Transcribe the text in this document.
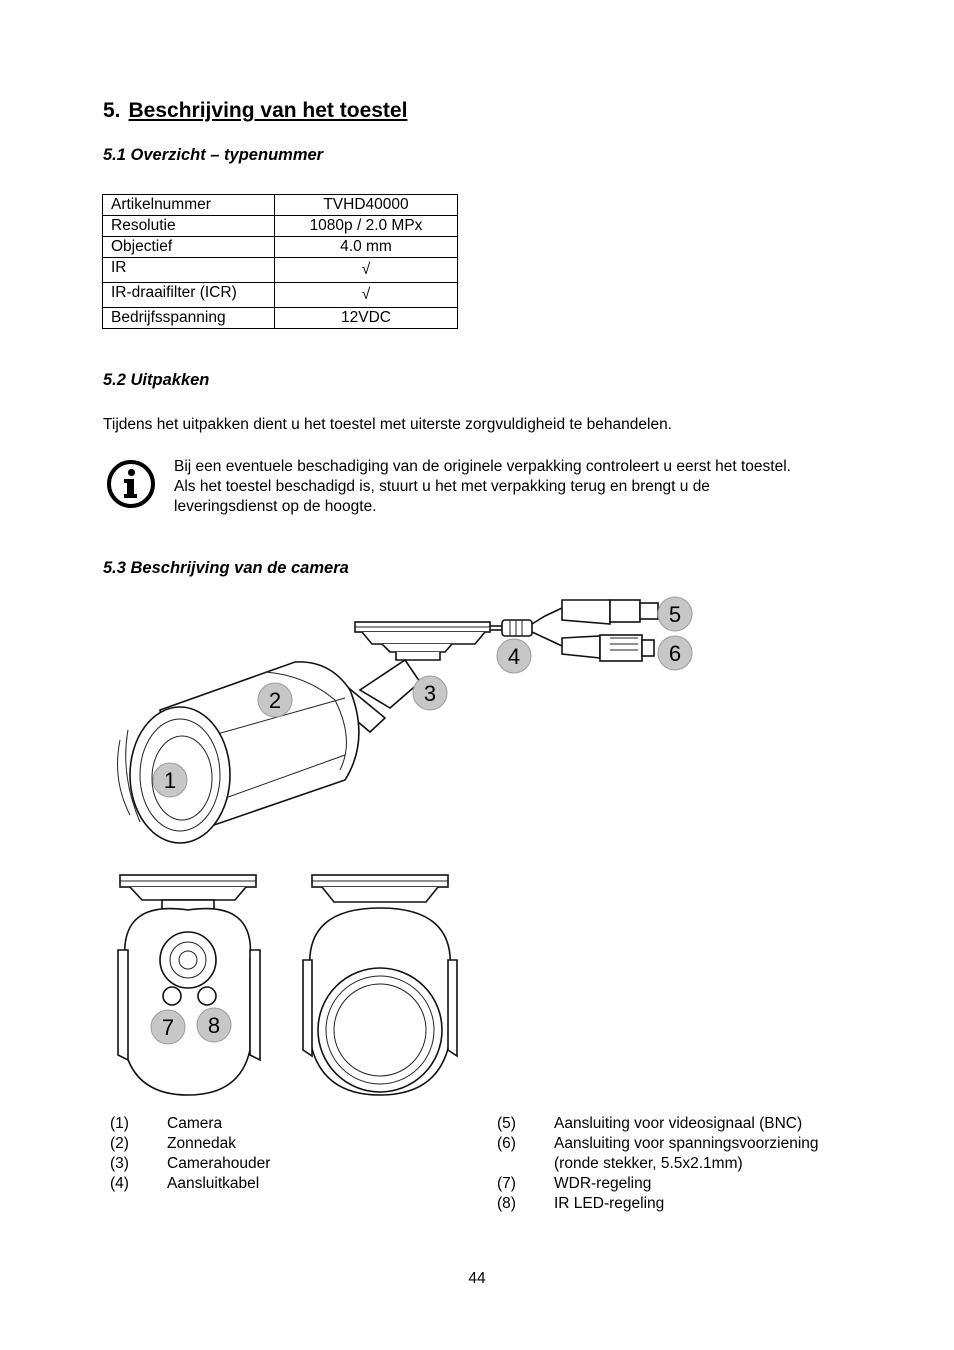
5. Beschrijving van het toestel
5.1 Overzicht – typenummer
Artikelnummer	TVHD40000
Resolutie	1080p / 2.0 MPx
Objectief	4.0 mm
IR	√
IR-draaifilter (ICR)	√
Bedrijfsspanning	12VDC
5.2 Uitpakken
Tijdens het uitpakken dient u het toestel met uiterste zorgvuldigheid te behandelen.
Bij een eventuele beschadiging van de originele verpakking controleert u eerst het toestel.
Als het toestel beschadigd is, stuurt u het met verpakking terug en brengt u de
leveringsdienst op de hoogte.
5.3 Beschrijving van de camera
1
2	3
4
5
6
7 8
(1) Camera
(2) Zonnedak
(3) Camerahouder
(4) Aansluitkabel
(5) Aansluiting voor videosignaal (BNC)
(6) Aansluiting voor spanningsvoorziening
(ronde stekker, 5.5x2.1mm)
(7) WDR-regeling
(8) IR LED-regeling
44
